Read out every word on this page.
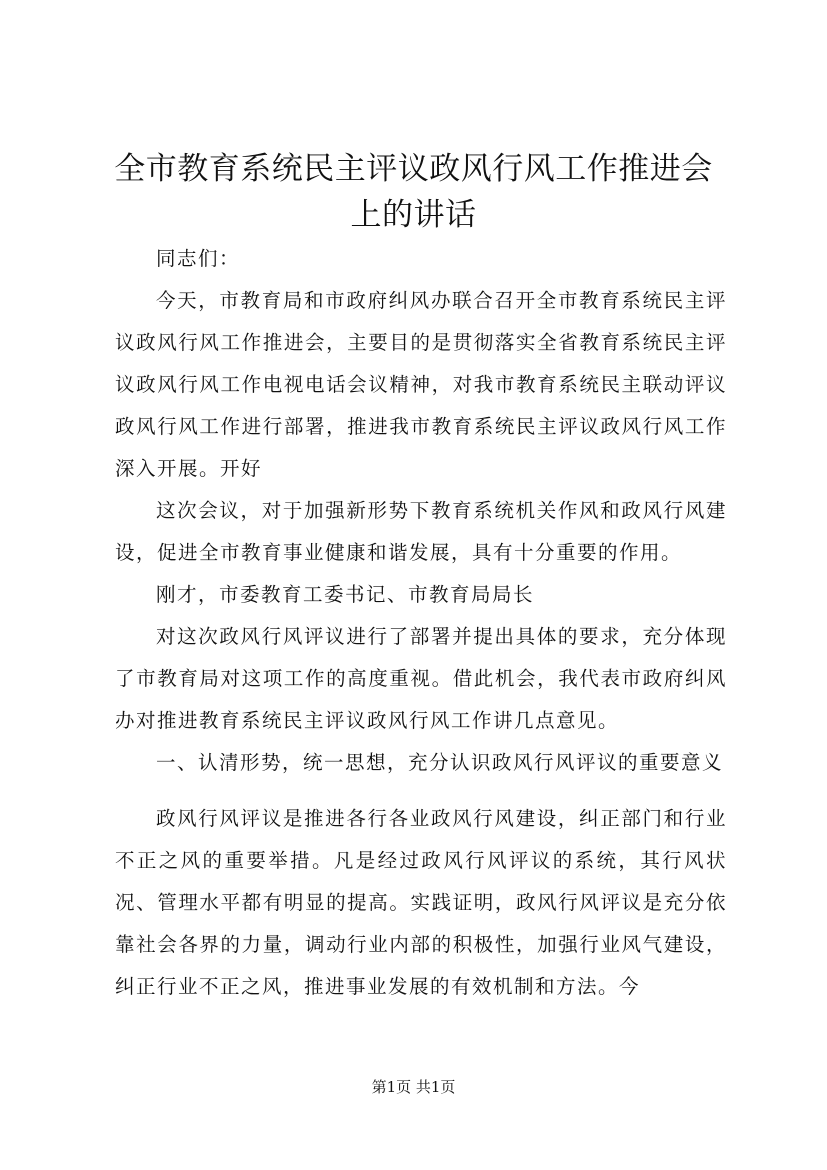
全市教育系统民主评议政风行风工作推进会上的讲话

同志们：

今天，市教育局和市政府纠风办联合召开全市教育系统民主评议政风行风工作推进会，主要目的是贯彻落实全省教育系统民主评议政风行风工作电视电话会议精神，对我市教育系统民主联动评议政风行风工作进行部署，推进我市教育系统民主评议政风行风工作深入开展。开好

这次会议，对于加强新形势下教育系统机关作风和政风行风建设，促进全市教育事业健康和谐发展，具有十分重要的作用。

刚才，市委教育工委书记、市教育局局长

对这次政风行风评议进行了部署并提出具体的要求，充分体现了市教育局对这项工作的高度重视。借此机会，我代表市政府纠风办对推进教育系统民主评议政风行风工作讲几点意见。

一、认清形势，统一思想，充分认识政风行风评议的重要意义

政风行风评议是推进各行各业政风行风建设，纠正部门和行业不正之风的重要举措。凡是经过政风行风评议的系统，其行风状况、管理水平都有明显的提高。实践证明，政风行风评议是充分依靠社会各界的力量，调动行业内部的积极性，加强行业风气建设，纠正行业不正之风，推进事业发展的有效机制和方法。今

第1页 共1页
